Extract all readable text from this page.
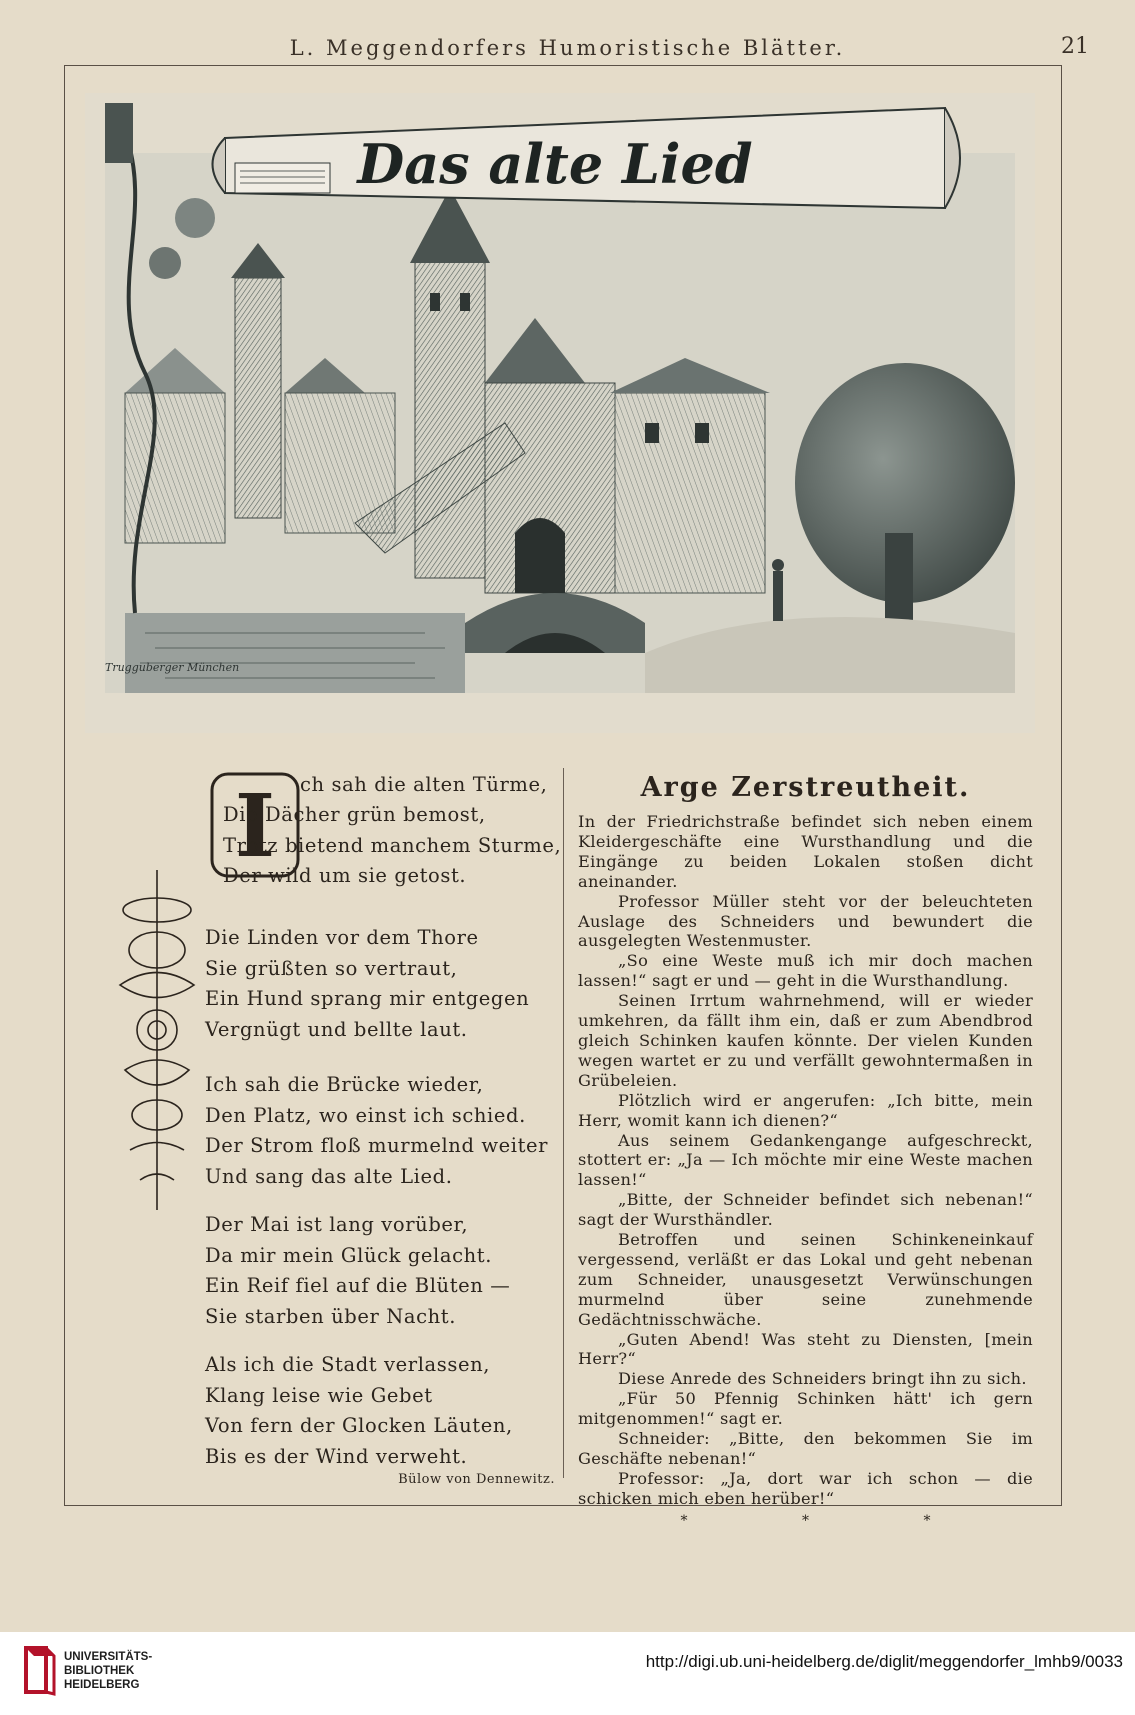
L. Meggendorfers Humoristische Blätter.	21
Das alte Lied
Trugguberger München
I ch sah die alten Türme,
Die Dächer grün bemost,
Trotz bietend manchem Sturme,
Der wild um sie getost.
Die Linden vor dem Thore
Sie grüßten so vertraut,
Ein Hund sprang mir entgegen
Vergnügt und bellte laut.
Ich sah die Brücke wieder,
Den Platz, wo einst ich schied.
Der Strom floß murmelnd weiter
Und sang das alte Lied.
Der Mai ist lang vorüber,
Da mir mein Glück gelacht.
Ein Reif fiel auf die Blüten —
Sie starben über Nacht.
Als ich die Stadt verlassen,
Klang leise wie Gebet
Von fern der Glocken Läuten,
Bis es der Wind verweht.
Bülow von Dennewitz.
Arge Zerstreutheit.

In der Friedrichstraße befindet sich neben einem Kleidergeschäfte eine Wursthandlung und die Eingänge zu beiden Lokalen stoßen dicht aneinander.

Professor Müller steht vor der beleuchteten Auslage des Schneiders und bewundert die ausgelegten Westenmuster.

„So eine Weste muß ich mir doch machen lassen!“ sagt er und — geht in die Wursthandlung.

Seinen Irrtum wahrnehmend, will er wieder umkehren, da fällt ihm ein, daß er zum Abendbrod gleich Schinken kaufen könnte. Der vielen Kunden wegen wartet er zu und verfällt gewohntermaßen in Grübeleien.

Plötzlich wird er angerufen: „Ich bitte, mein Herr, womit kann ich dienen?“

Aus seinem Gedankengange aufgeschreckt, stottert er: „Ja — Ich möchte mir eine Weste machen lassen!“

„Bitte, der Schneider befindet sich nebenan!“ sagt der Wursthändler.

Betroffen und seinen Schinkeneinkauf vergessend, verläßt er das Lokal und geht nebenan zum Schneider, unausgesetzt Verwünschungen murmelnd über seine zunehmende Gedächtnisschwäche.

„Guten Abend! Was steht zu Diensten, [mein Herr?“

Diese Anrede des Schneiders bringt ihn zu sich.

„Für 50 Pfennig Schinken hätt' ich gern mitgenommen!“ sagt er.

Schneider: „Bitte, den bekommen Sie im Geschäfte nebenan!“

Professor: „Ja, dort war ich schon — die schicken mich eben herüber!“

* * *
UNIVERSITÄTS-
BIBLIOTHEK
HEIDELBERG
http://digi.ub.uni-heidelberg.de/diglit/meggendorfer_lmhb9/0033
